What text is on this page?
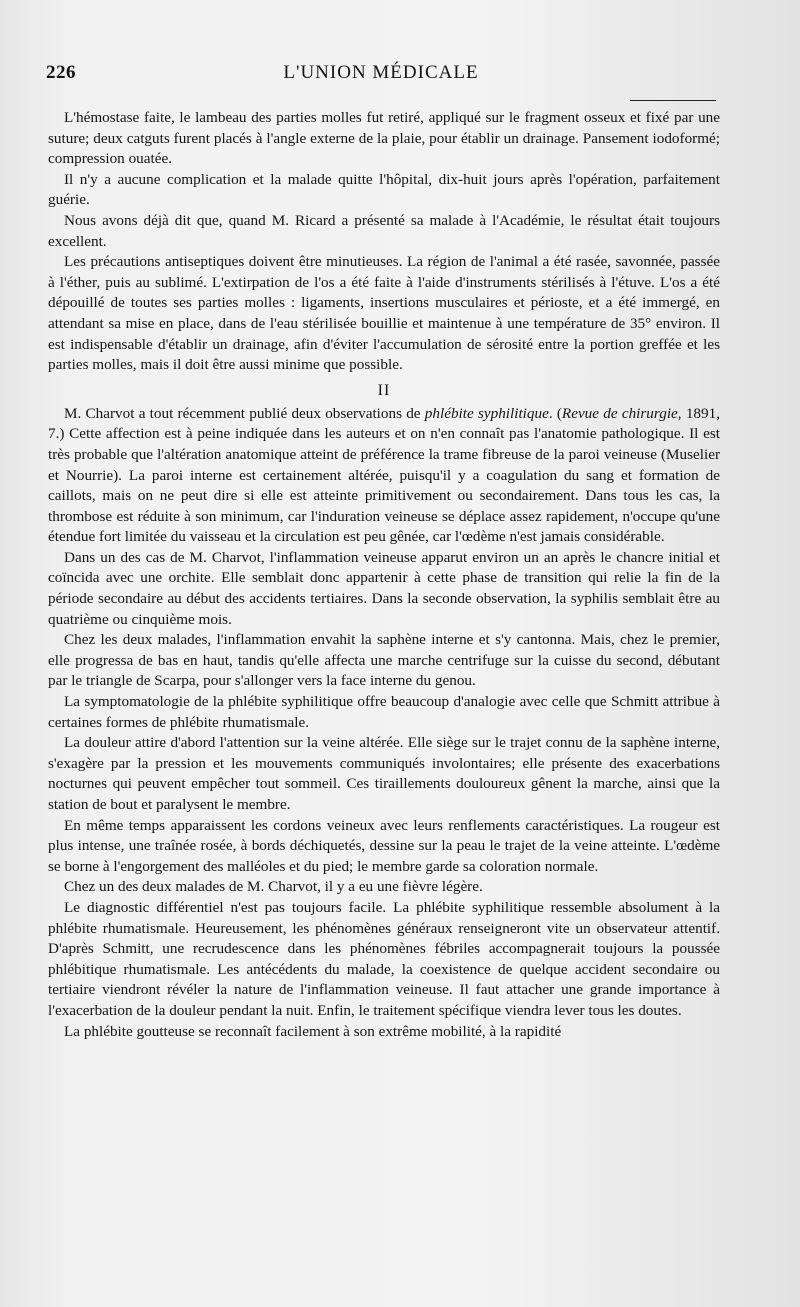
226	L'UNION MÉDICALE

L'hémostase faite, le lambeau des parties molles fut retiré, appliqué sur le fragment osseux et fixé par une suture; deux catguts furent placés à l'angle externe de la plaie, pour établir un drainage. Pansement iodoformé; compression ouatée.

Il n'y a aucune complication et la malade quitte l'hôpital, dix-huit jours après l'opération, parfaitement guérie.

Nous avons déjà dit que, quand M. Ricard a présenté sa malade à l'Académie, le résultat était toujours excellent.

Les précautions antiseptiques doivent être minutieuses. La région de l'animal a été rasée, savonnée, passée à l'éther, puis au sublimé. L'extirpation de l'os a été faite à l'aide d'instruments stérilisés à l'étuve. L'os a été dépouillé de toutes ses parties molles : ligaments, insertions musculaires et périoste, et a été immergé, en attendant sa mise en place, dans de l'eau stérilisée bouillie et maintenue à une température de 35° environ. Il est indispensable d'établir un drainage, afin d'éviter l'accumulation de sérosité entre la portion greffée et les parties molles, mais il doit être aussi minime que possible.

II

M. Charvot a tout récemment publié deux observations de phlébite syphilitique. (Revue de chirurgie, 1891, 7.) Cette affection est à peine indiquée dans les auteurs et on n'en connaît pas l'anatomie pathologique. Il est très probable que l'altération anatomique atteint de préférence la trame fibreuse de la paroi veineuse (Muselier et Nourrie). La paroi interne est certainement altérée, puisqu'il y a coagulation du sang et formation de caillots, mais on ne peut dire si elle est atteinte primitivement ou secondairement. Dans tous les cas, la thrombose est réduite à son minimum, car l'induration veineuse se déplace assez rapidement, n'occupe qu'une étendue fort limitée du vaisseau et la circulation est peu gênée, car l'œdème n'est jamais considérable.

Dans un des cas de M. Charvot, l'inflammation veineuse apparut environ un an après le chancre initial et coïncida avec une orchite. Elle semblait donc appartenir à cette phase de transition qui relie la fin de la période secondaire au début des accidents tertiaires. Dans la seconde observation, la syphilis semblait être au quatrième ou cinquième mois.

Chez les deux malades, l'inflammation envahit la saphène interne et s'y cantonna. Mais, chez le premier, elle progressa de bas en haut, tandis qu'elle affecta une marche centrifuge sur la cuisse du second, débutant par le triangle de Scarpa, pour s'allonger vers la face interne du genou.

La symptomatologie de la phlébite syphilitique offre beaucoup d'analogie avec celle que Schmitt attribue à certaines formes de phlébite rhumatismale.

La douleur attire d'abord l'attention sur la veine altérée. Elle siège sur le trajet connu de la saphène interne, s'exagère par la pression et les mouvements communiqués involontaires; elle présente des exacerbations nocturnes qui peuvent empêcher tout sommeil. Ces tiraillements douloureux gênent la marche, ainsi que la station de bout et paralysent le membre.

En même temps apparaissent les cordons veineux avec leurs renflements caractéristiques. La rougeur est plus intense, une traînée rosée, à bords déchiquetés, dessine sur la peau le trajet de la veine atteinte. L'œdème se borne à l'engorgement des malléoles et du pied; le membre garde sa coloration normale.

Chez un des deux malades de M. Charvot, il y a eu une fièvre légère.

Le diagnostic différentiel n'est pas toujours facile. La phlébite syphilitique ressemble absolument à la phlébite rhumatismale. Heureusement, les phénomènes généraux renseigneront vite un observateur attentif. D'après Schmitt, une recrudescence dans les phénomènes fébriles accompagnerait toujours la poussée phlébitique rhumatismale. Les antécédents du malade, la coexistence de quelque accident secondaire ou tertiaire viendront révéler la nature de l'inflammation veineuse. Il faut attacher une grande importance à l'exacerbation de la douleur pendant la nuit. Enfin, le traitement spécifique viendra lever tous les doutes.

La phlébite goutteuse se reconnaît facilement à son extrême mobilité, à la rapidité
